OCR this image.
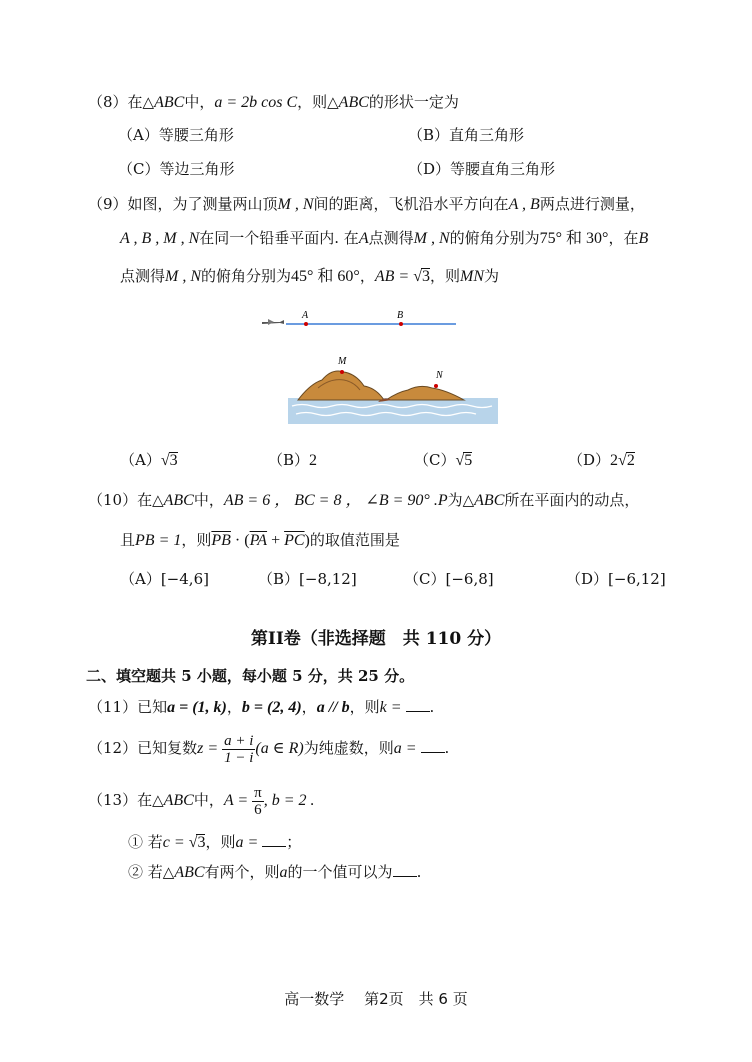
（8）在△ABC中，a = 2b cos C，则△ABC的形状一定为
（A）等腰三角形	（B）直角三角形
（C）等边三角形	（D）等腰直角三角形
（9）如图，为了测量两山顶M , N间的距离，飞机沿水平方向在A , B两点进行测量，
A , B , M , N在同一个铅垂平面内. 在A点测得M , N的俯角分别为75° 和 30°，在B
点测得M , N的俯角分别为45° 和 60°，AB = √3，则MN为
A	B
M
N
（A）√3	（B）2	（C）√5	（D）2√2
（10）在△ABC中，AB = 6 ， BC = 8 ， ∠B = 90° .P为△ABC所在平面内的动点，
且PB = 1，则$\overline{PB} \cdot (\overline{PA} + \overline{PC})$的取值范围是
（A）[−4,6]	（B）[−8,12]	（C）[−6,8]	（D）[−6,12]
第II卷（非选择题　共 110 分）
二、填空题共 5 小题，每小题 5 分，共 25 分。
（11）已知a = (1, k)，b = (2, 4)，a // b，则k = .
（12）已知复数$z = \frac{a + i}{1 - i} (a$ ∈ R)为纯虚数，则a = .
（13）在△ABC中，$A = \frac{\pi}{6}$ , b = 2 .
① 若c = √3，则a = ；
② 若△ABC有两个，则a的一个值可以为 .
高一数学　 第2页　共 6 页
